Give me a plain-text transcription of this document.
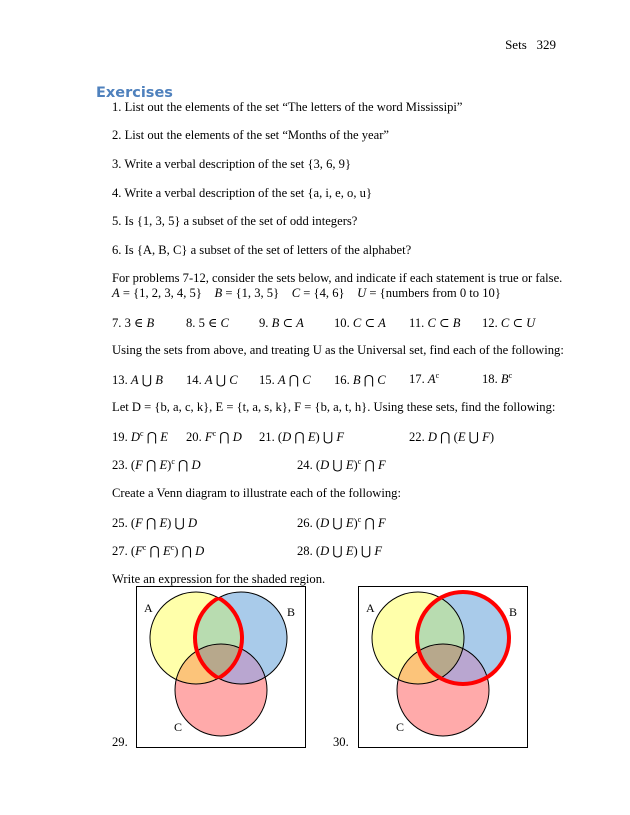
Sets 329
Exercises
1. List out the elements of the set “The letters of the word Mississipi”
2. List out the elements of the set “Months of the year”
3. Write a verbal description of the set {3, 6, 9}
4. Write a verbal description of the set {a, i, e, o, u}
5. Is {1, 3, 5} a subset of the set of odd integers?
6. Is {A, B, C} a subset of the set of letters of the alphabet?
For problems 7-12, consider the sets below, and indicate if each statement is true or false.
A = {1, 2, 3, 4, 5} B = {1, 3, 5} C = {4, 6} U = {numbers from 0 to 10}
7. 3 ∈ B	8. 5 ∈ C 9. B ⊂ A 10. C ⊂ A 11. C ⊂ B 12. C ⊂ U
Using the sets from above, and treating U as the Universal set, find each of the following:
13. A ⋃ B 14. A ⋃ C 15. A ⋂ C 16. B ⋂ C 17. $A^c$	18. $B^c$
Let D = {b, a, c, k}, E = {t, a, s, k}, F = {b, a, t, h}. Using these sets, find the following:
19. $D^c$ ⋂ E 20. $F^c$ ⋂ D 21. (D ⋂ E) ⋃ F	22. D ⋂ (E ⋃ F)
23. (F ⋂ E)$^c$ ⋂ D	24. (D ⋃ E)$^c$ ⋂ F
Create a Venn diagram to illustrate each of the following:
25. (F ⋂ E) ⋃ D	26. (D ⋃ E)$^c$ ⋂ F
27. ($F^c$ ⋂ $E^c$) ⋂ D	28. (D ⋃ E) ⋃ F
Write an expression for the shaded region.
29.
A	B
C
30.
A	B
C
